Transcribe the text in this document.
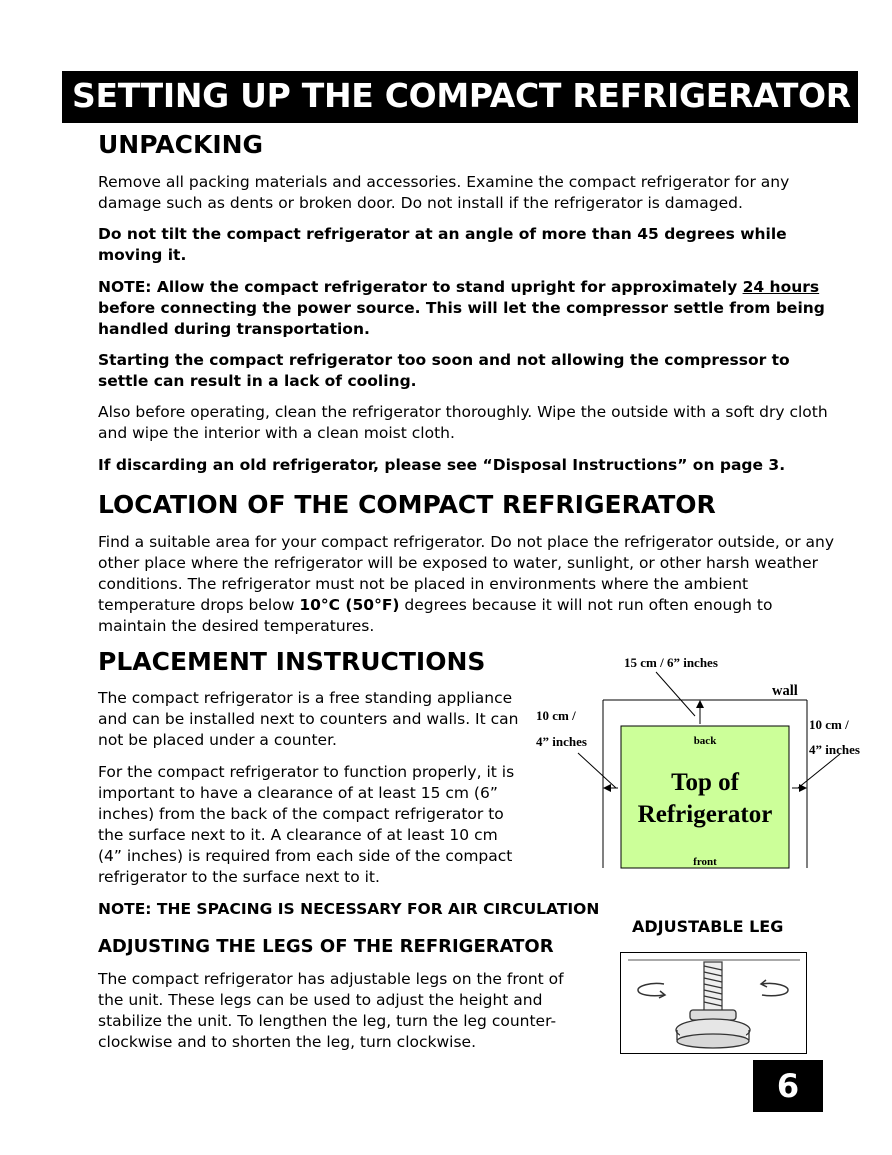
SETTING UP THE COMPACT REFRIGERATOR
UNPACKING

Remove all packing materials and accessories. Examine the compact refrigerator for any damage such as dents or broken door. Do not install if the refrigerator is damaged.

Do not tilt the compact refrigerator at an angle of more than 45 degrees while moving it.

NOTE: Allow the compact refrigerator to stand upright for approximately 24 hours before connecting the power source. This will let the compressor settle from being handled during transportation.

Starting the compact refrigerator too soon and not allowing the compressor to settle can result in a lack of cooling.

Also before operating, clean the refrigerator thoroughly. Wipe the outside with a soft dry cloth and wipe the interior with a clean moist cloth.

If discarding an old refrigerator, please see “Disposal Instructions” on page 3.

LOCATION OF THE COMPACT REFRIGERATOR

Find a suitable area for your compact refrigerator. Do not place the refrigerator outside, or any other place where the refrigerator will be exposed to water, sunlight, or other harsh weather conditions. The refrigerator must not be placed in environments where the ambient temperature drops below 10°C (50°F) degrees because it will not run often enough to maintain the desired temperatures.

PLACEMENT INSTRUCTIONS

The compact refrigerator is a free standing appliance and can be installed next to counters and walls. It can not be placed under a counter.

For the compact refrigerator to function properly, it is important to have a clearance of at least 15 cm (6” inches) from the back of the compact refrigerator to the surface next to it. A clearance of at least 10 cm (4” inches) is required from each side of the compact refrigerator to the surface next to it.

NOTE: THE SPACING IS NECESSARY FOR AIR CIRCULATION
15 cm / 6” inches
wall
10 cm /
4” inches
10 cm /
4” inches
back
Top of
Refrigerator
front
ADJUSTING THE LEGS OF THE REFRIGERATOR

The compact refrigerator has adjustable legs on the front of the unit. These legs can be used to adjust the height and stabilize the unit. To lengthen the leg, turn the leg counter-clockwise and to shorten the leg, turn clockwise.

ADJUSTABLE LEG
6
